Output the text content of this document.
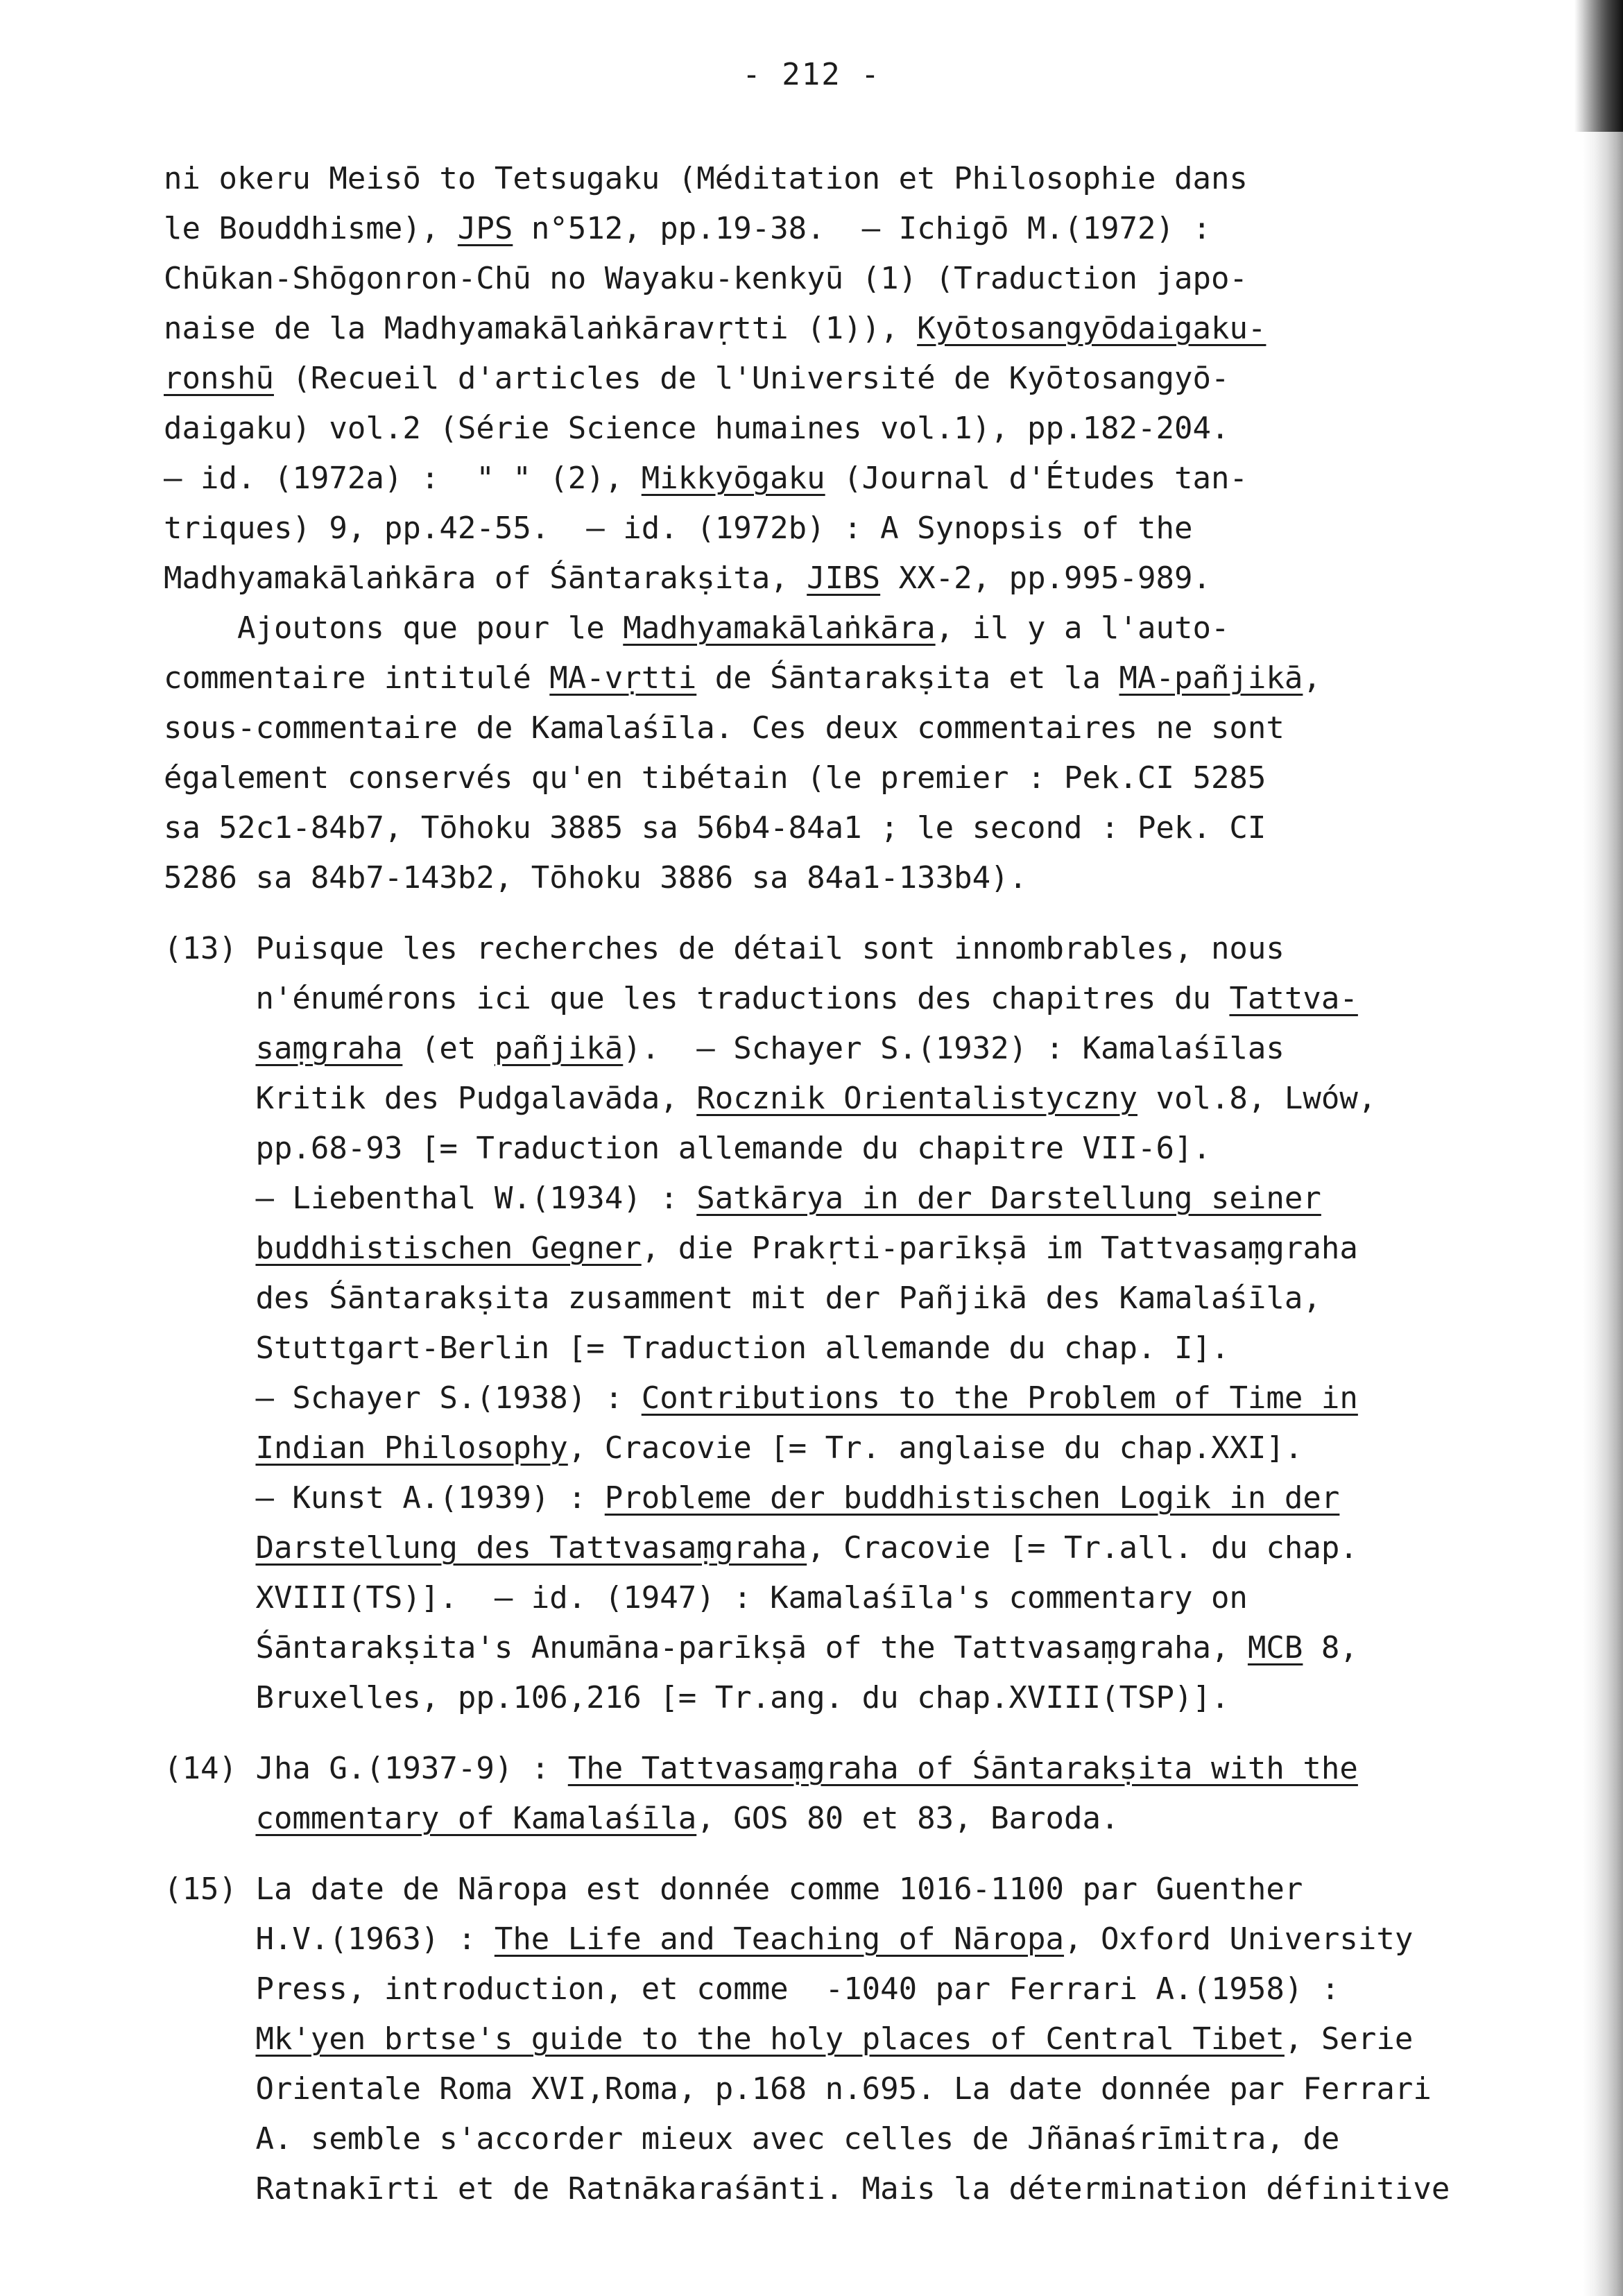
- 212 -
ni okeru Meisō to Tetsugaku (Méditation et Philosophie dans
le Bouddhisme), JPS n°512, pp.19-38.  — Ichigō M.(1972) :
Chūkan-Shōgonron-Chū no Wayaku-kenkyū (1) (Traduction japo-
naise de la Madhyamakālaṅkāravṛtti (1)), Kyōtosangyōdaigaku-
ronshū (Recueil d'articles de l'Université de Kyōtosangyō-
daigaku) vol.2 (Série Science humaines vol.1), pp.182-204.
— id. (1972a) :  " " (2), Mikkyōgaku (Journal d'Études tan-
triques) 9, pp.42-55.  — id. (1972b) : A Synopsis of the
Madhyamakālaṅkāra of Śāntarakṣita, JIBS XX-2, pp.995-989.
Ajoutons que pour le Madhyamakālaṅkāra, il y a l'auto-
commentaire intitulé MA-vṛtti de Śāntarakṣita et la MA-pañjikā,
sous-commentaire de Kamalaśīla. Ces deux commentaires ne sont
également conservés qu'en tibétain (le premier : Pek.CI 5285
sa 52c1-84b7, Tōhoku 3885 sa 56b4-84a1 ; le second : Pek. CI
5286 sa 84b7-143b2, Tōhoku 3886 sa 84a1-133b4).
(13) Puisque les recherches de détail sont innombrables, nous
n'énumérons ici que les traductions des chapitres du Tattva-
saṃgraha (et pañjikā).  — Schayer S.(1932) : Kamalaśīlas
Kritik des Pudgalavāda, Rocznik Orientalistyczny vol.8, Lwów,
pp.68-93 [= Traduction allemande du chapitre VII-6].
— Liebenthal W.(1934) : Satkārya in der Darstellung seiner
buddhistischen Gegner, die Prakṛti-parīkṣā im Tattvasaṃgraha
des Śāntarakṣita zusamment mit der Pañjikā des Kamalaśīla,
Stuttgart-Berlin [= Traduction allemande du chap. I].
— Schayer S.(1938) : Contributions to the Problem of Time in
Indian Philosophy, Cracovie [= Tr. anglaise du chap.XXI].
— Kunst A.(1939) : Probleme der buddhistischen Logik in der
Darstellung des Tattvasaṃgraha, Cracovie [= Tr.all. du chap.
XVIII(TS)].  — id. (1947) : Kamalaśīla's commentary on
Śāntarakṣita's Anumāna-parīkṣā of the Tattvasaṃgraha, MCB 8,
Bruxelles, pp.106,216 [= Tr.ang. du chap.XVIII(TSP)].
(14) Jha G.(1937-9) : The Tattvasaṃgraha of Śāntarakṣita with the
commentary of Kamalaśīla, GOS 80 et 83, Baroda.
(15) La date de Nāropa est donnée comme 1016-1100 par Guenther
H.V.(1963) : The Life and Teaching of Nāropa, Oxford University
Press, introduction, et comme  -1040 par Ferrari A.(1958) :
Mk'yen brtse's guide to the holy places of Central Tibet, Serie
Orientale Roma XVI,Roma, p.168 n.695. La date donnée par Ferrari
A. semble s'accorder mieux avec celles de Jñānaśrīmitra, de
Ratnakīrti et de Ratnākaraśānti. Mais la détermination définitive
